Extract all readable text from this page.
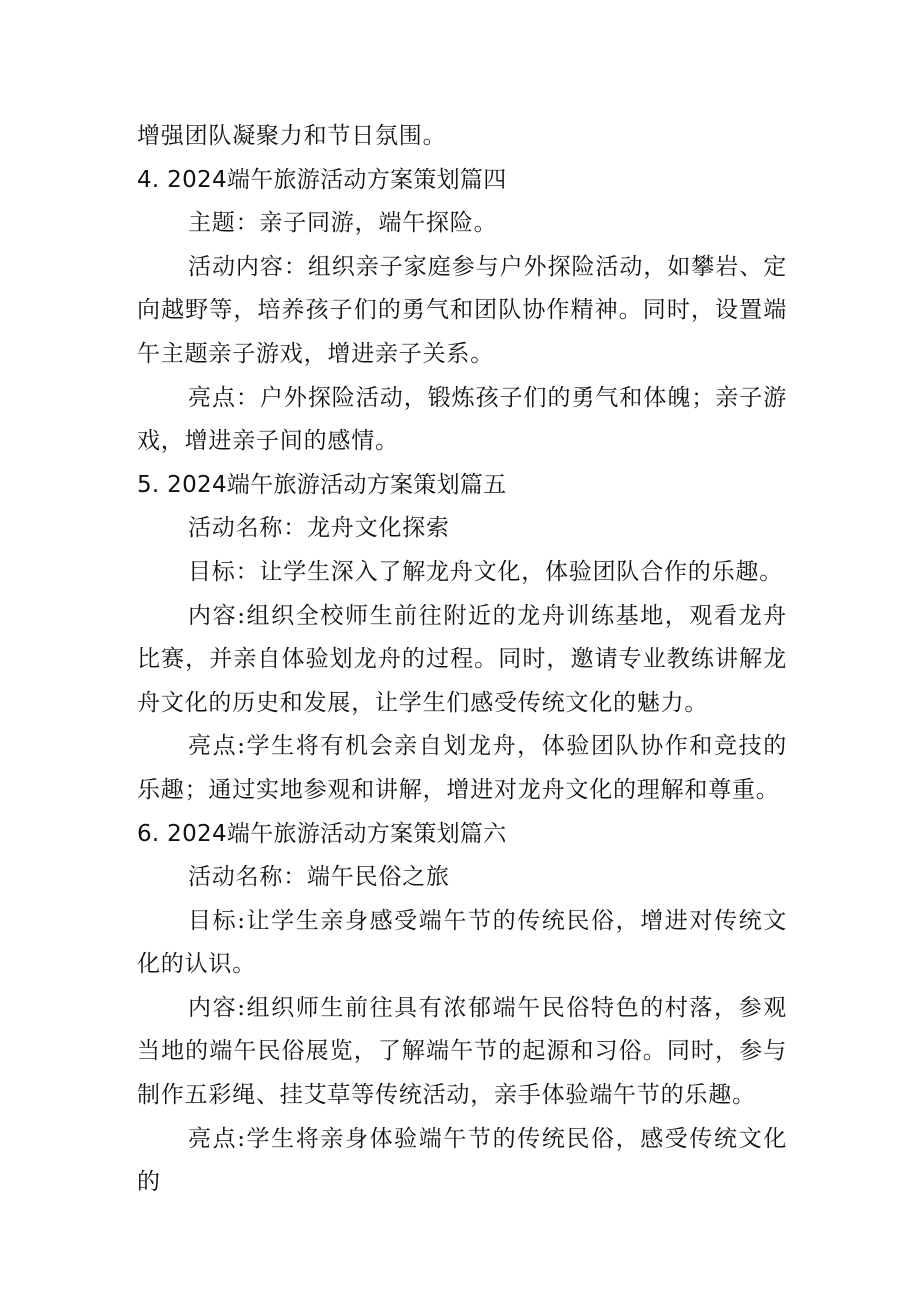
增强团队凝聚力和节日氛围。

4. 2024端午旅游活动方案策划篇四

主题：亲子同游，端午探险。

活动内容：组织亲子家庭参与户外探险活动，如攀岩、定向越野等，培养孩子们的勇气和团队协作精神。同时，设置端午主题亲子游戏，增进亲子关系。

亮点：户外探险活动，锻炼孩子们的勇气和体魄；亲子游戏，增进亲子间的感情。

5. 2024端午旅游活动方案策划篇五

活动名称：龙舟文化探索

目标：让学生深入了解龙舟文化，体验团队合作的乐趣。

内容:组织全校师生前往附近的龙舟训练基地，观看龙舟比赛，并亲自体验划龙舟的过程。同时，邀请专业教练讲解龙舟文化的历史和发展，让学生们感受传统文化的魅力。

亮点:学生将有机会亲自划龙舟，体验团队协作和竞技的乐趣；通过实地参观和讲解，增进对龙舟文化的理解和尊重。

6. 2024端午旅游活动方案策划篇六

活动名称：端午民俗之旅

目标:让学生亲身感受端午节的传统民俗，增进对传统文化的认识。

内容:组织师生前往具有浓郁端午民俗特色的村落，参观当地的端午民俗展览，了解端午节的起源和习俗。同时，参与制作五彩绳、挂艾草等传统活动，亲手体验端午节的乐趣。

亮点:学生将亲身体验端午节的传统民俗，感受传统文化的
